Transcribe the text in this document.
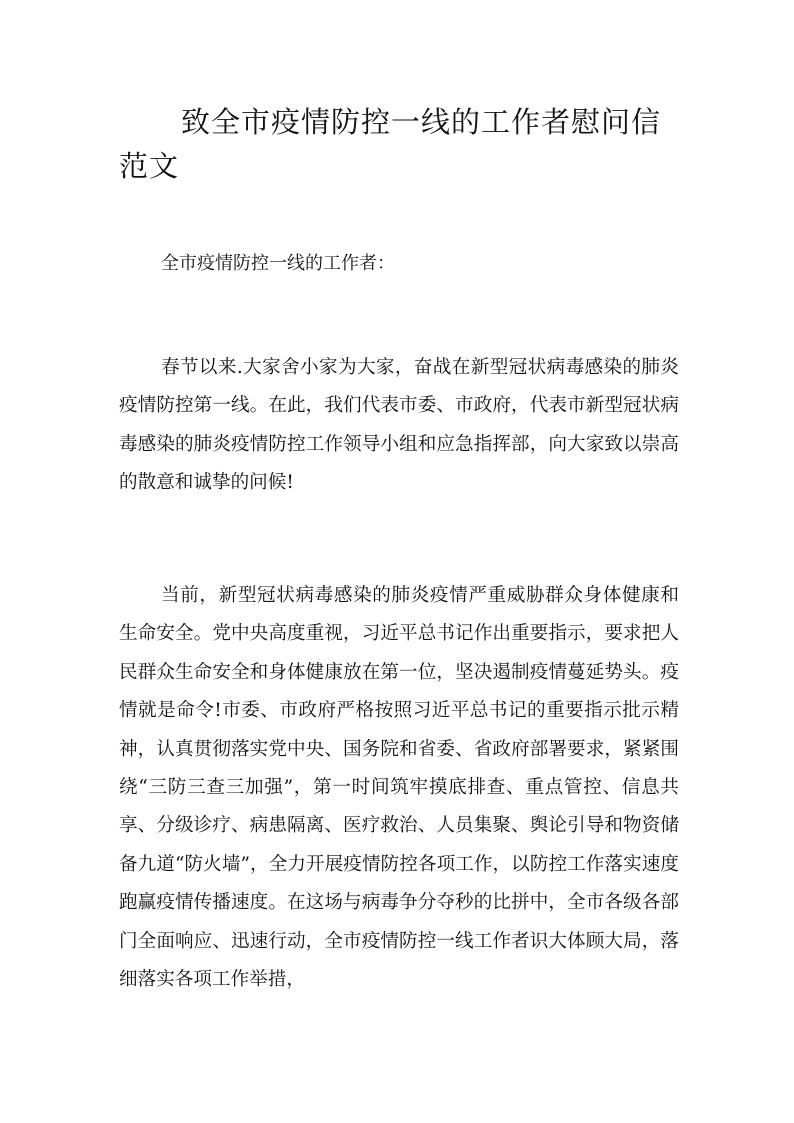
致全市疫情防控一线的工作者慰问信范文

全市疫情防控一线的工作者：

春节以来.大家舍小家为大家，奋战在新型冠状病毒感染的肺炎疫情防控第一线。在此，我们代表市委、市政府，代表市新型冠状病毒感染的肺炎疫情防控工作领导小组和应急指挥部，向大家致以崇高的散意和诚挚的问候!

当前，新型冠状病毒感染的肺炎疫情严重威胁群众身体健康和生命安全。党中央高度重视，习近平总书记作出重要指示，要求把人民群众生命安全和身体健康放在第一位，坚决遏制疫情蔓延势头。疫情就是命令!市委、市政府严格按照习近平总书记的重要指示批示精神，认真贯彻落实党中央、国务院和省委、省政府部署要求，紧紧围绕“三防三查三加强”，第一时间筑牢摸底排查、重点管控、信息共享、分级诊疗、病患隔离、医疗救治、人员集聚、舆论引导和物资储备九道“防火墙”，全力开展疫情防控各项工作，以防控工作落实速度跑赢疫情传播速度。在这场与病毒争分夺秒的比拼中，全市各级各部门全面响应、迅速行动，全市疫情防控一线工作者识大体顾大局，落细落实各项工作举措，
